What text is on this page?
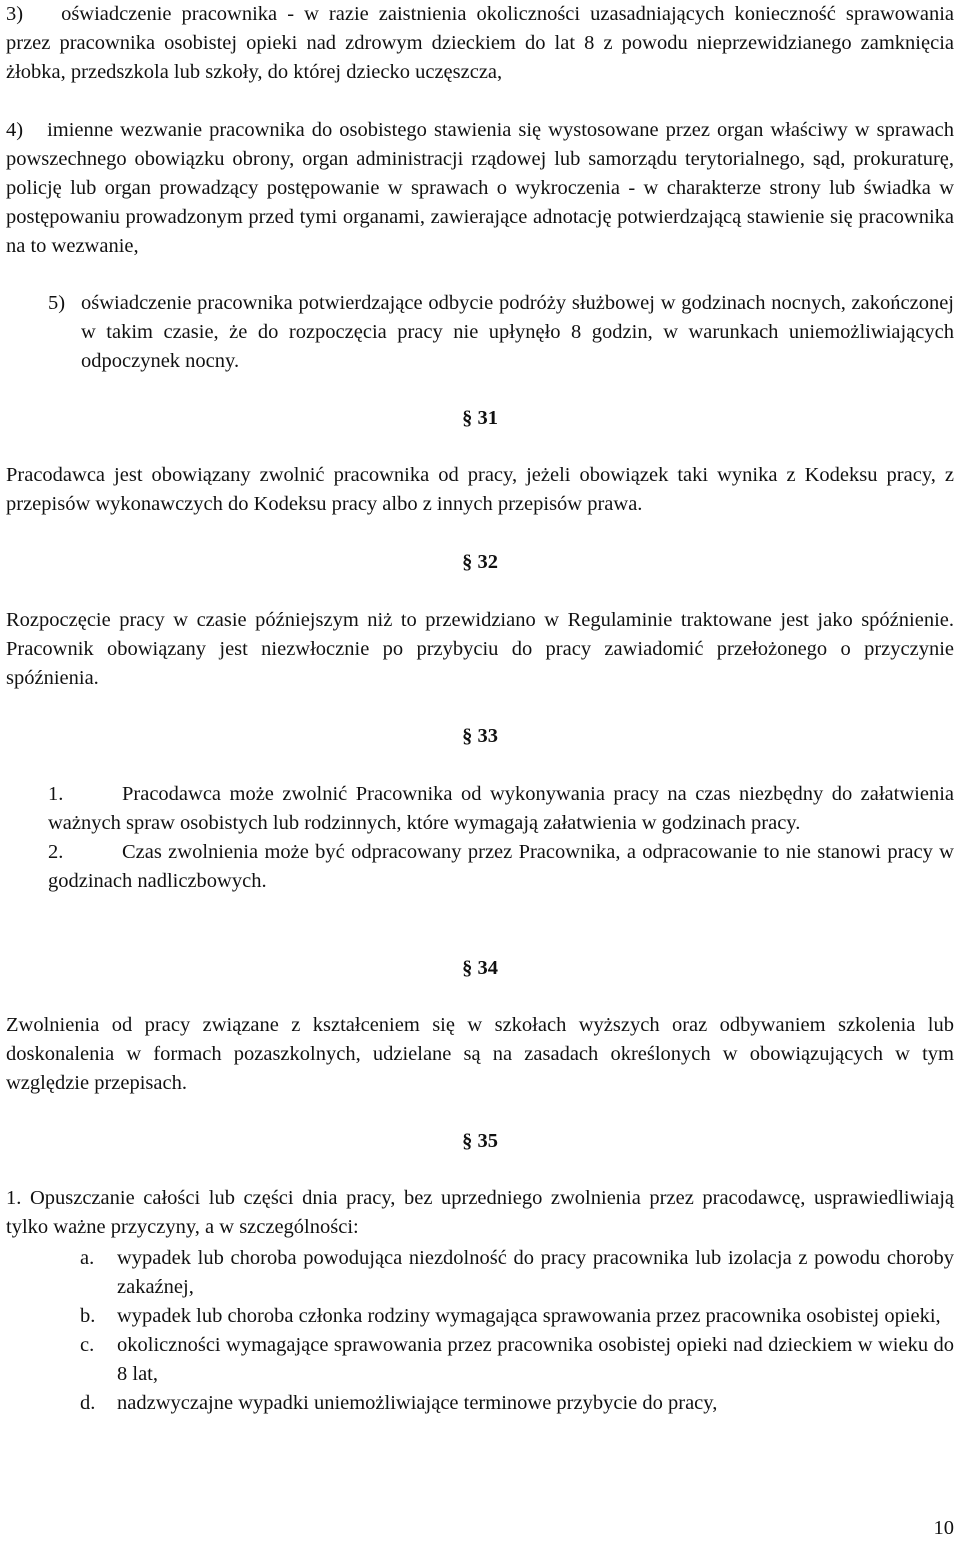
3) oświadczenie pracownika - w razie zaistnienia okoliczności uzasadniających konieczność sprawowania przez pracownika osobistej opieki nad zdrowym dzieckiem do lat 8 z powodu nieprzewidzianego zamknięcia żłobka, przedszkola lub szkoły, do której dziecko uczęszcza,

4) imienne wezwanie pracownika do osobistego stawienia się wystosowane przez organ właściwy w sprawach powszechnego obowiązku obrony, organ administracji rządowej lub samorządu terytorialnego, sąd, prokuraturę, policję lub organ prowadzący postępowanie w sprawach o wykroczenia - w charakterze strony lub świadka w postępowaniu prowadzonym przed tymi organami, zawierające adnotację potwierdzającą stawienie się pracownika na to wezwanie,

5) oświadczenie pracownika potwierdzające odbycie podróży służbowej w godzinach nocnych, zakończonej w takim czasie, że do rozpoczęcia pracy nie upłynęło 8 godzin, w warunkach uniemożliwiających odpoczynek nocny.

§ 31

Pracodawca jest obowiązany zwolnić pracownika od pracy, jeżeli obowiązek taki wynika z Kodeksu pracy, z przepisów wykonawczych do Kodeksu pracy albo z innych przepisów prawa.

§ 32

Rozpoczęcie pracy w czasie późniejszym niż to przewidziano w Regulaminie traktowane jest jako spóźnienie. Pracownik obowiązany jest niezwłocznie po przybyciu do pracy zawiadomić przełożonego o przyczynie spóźnienia.

§ 33
1.	Pracodawca może zwolnić Pracownika od wykonywania pracy na czas niezbędny do załatwienia ważnych spraw osobistych lub rodzinnych, które wymagają załatwienia w godzinach pracy.

2.	Czas zwolnienia może być odpracowany przez Pracownika, a odpracowanie to nie stanowi pracy w godzinach nadliczbowych.

§ 34

Zwolnienia od pracy związane z kształceniem się w szkołach wyższych oraz odbywaniem szkolenia lub doskonalenia w formach pozaszkolnych, udzielane są na zasadach określonych w obowiązujących w tym względzie przepisach.

§ 35

1. Opuszczanie całości lub części dnia pracy, bez uprzedniego zwolnienia przez pracodawcę, usprawiedliwiają tylko ważne przyczyny, a w szczególności:

a. wypadek lub choroba powodująca niezdolność do pracy pracownika lub izolacja z powodu choroby zakaźnej,

b. wypadek lub choroba członka rodziny wymagająca sprawowania przez pracownika osobistej opieki,

c. okoliczności wymagające sprawowania przez pracownika osobistej opieki nad dzieckiem w wieku do 8 lat,

d. nadzwyczajne wypadki uniemożliwiające terminowe przybycie do pracy,

10
